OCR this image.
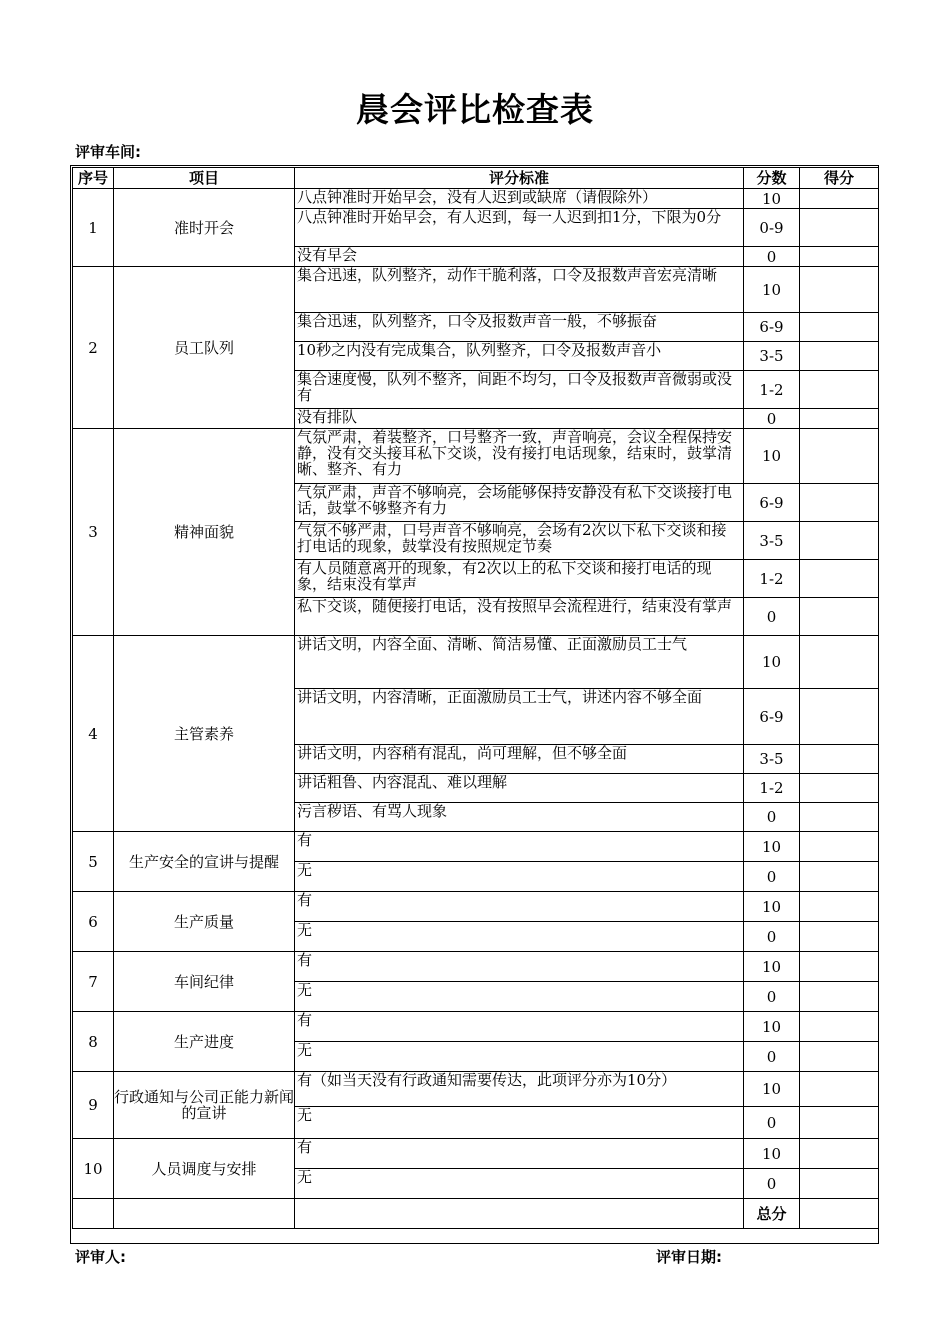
晨会评比检查表
评审车间:
序号	项目	评分标准	分数	得分
1	准时开会	八点钟准时开始早会，没有人迟到或缺席（请假除外）	10	
		八点钟准时开始早会，有人迟到，每一人迟到扣1分，下限为0分	0-9	
		没有早会	0	
2	员工队列	集合迅速，队列整齐，动作干脆利落，口令及报数声音宏亮清晰	10	
		集合迅速，队列整齐，口令及报数声音一般，不够振奋	6-9	
		10秒之内没有完成集合，队列整齐，口令及报数声音小	3-5	
		集合速度慢，队列不整齐，间距不均匀，口令及报数声音微弱或没有	1-2	
		没有排队	0	
3	精神面貌	气氛严肃，着装整齐，口号整齐一致，声音响亮，会议全程保持安静，没有交头接耳私下交谈，没有接打电话现象，结束时，鼓掌清晰、整齐、有力	10	
		气氛严肃，声音不够响亮，会场能够保持安静没有私下交谈接打电话，鼓掌不够整齐有力	6-9	
		气氛不够严肃，口号声音不够响亮，会场有2次以下私下交谈和接打电话的现象，鼓掌没有按照规定节奏	3-5	
		有人员随意离开的现象，有2次以上的私下交谈和接打电话的现象，结束没有掌声	1-2	
		私下交谈，随便接打电话，没有按照早会流程进行，结束没有掌声	0	
4	主管素养	讲话文明，内容全面、清晰、简洁易懂、正面激励员工士气	10	
		讲话文明，内容清晰，正面激励员工士气，讲述内容不够全面	6-9	
		讲话文明，内容稍有混乱，尚可理解，但不够全面	3-5	
		讲话粗鲁、内容混乱、难以理解	1-2	
		污言秽语、有骂人现象	0	
5	生产安全的宣讲与提醒	有	10	
		无	0	
6	生产质量	有	10	
		无	0	
7	车间纪律	有	10	
		无	0	
8	生产进度	有	10	
		无	0	
9	行政通知与公司正能力新闻的宣讲	有（如当天没有行政通知需要传达，此项评分亦为10分）	10	
		无	0	
10	人员调度与安排	有	10	
		无	0	
			总分	
评审人:	评审日期:
